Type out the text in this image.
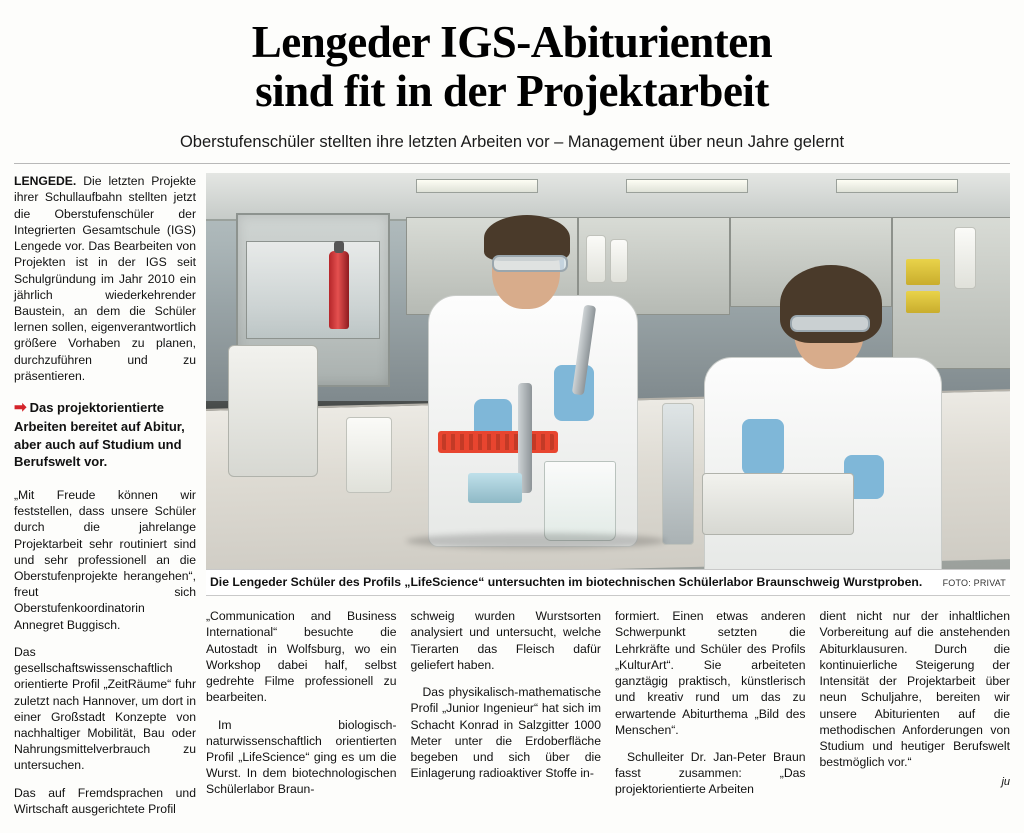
Lengeder IGS-Abiturienten
sind fit in der Projektarbeit
Oberstufenschüler stellten ihre letzten Arbeiten vor – Management über neun Jahre gelernt

LENGEDE. Die letzten Projekte ihrer Schullaufbahn stellten jetzt die Oberstufenschüler der Integrierten Gesamtschule (IGS) Lengede vor. Das Bearbeiten von Projekten ist in der IGS seit Schulgründung im Jahr 2010 ein jährlich wiederkehrender Baustein, an dem die Schüler lernen sollen, eigenverantwortlich größere Vorhaben zu planen, durchzuführen und zu präsentieren.

➡ Das projektorientierte Arbeiten bereitet auf Abitur, aber auch auf Studium und Berufswelt vor.

„Mit Freude können wir feststellen, dass unsere Schüler durch die jahrelange Projektarbeit sehr routiniert sind und sehr professionell an die Oberstufenprojekte herangehen“, freut sich Oberstufenkoordinatorin Annegret Buggisch.

Das gesellschaftswissenschaftlich orientierte Profil „ZeitRäume“ fuhr zuletzt nach Hannover, um dort in einer Großstadt Konzepte von nachhaltiger Mobilität, Bau oder Nahrungsmittelverbrauch zu untersuchen.

Das auf Fremdsprachen und Wirtschaft ausgerichtete Profil

Die Lengeder Schüler des Profils „LifeScience“ untersuchten im biotechnischen Schülerlabor Braunschweig Wurstproben.	FOTO: PRIVAT

„Communication and Business International“ besuchte die Autostadt in Wolfsburg, wo ein Workshop dabei half, selbst gedrehte Filme professionell zu bearbeiten.

Im biologisch-naturwissenschaftlich orientierten Profil „LifeScience“ ging es um die Wurst. In dem biotechnologischen Schülerlabor Braun-

schweig wurden Wurstsorten analysiert und untersucht, welche Tierarten das Fleisch dafür geliefert haben.

Das physikalisch-mathematische Profil „Junior Ingenieur“ hat sich im Schacht Konrad in Salzgitter 1000 Meter unter die Erdoberfläche begeben und sich über die Einlagerung radioaktiver Stoffe in-

formiert. Einen etwas anderen Schwerpunkt setzten die Lehrkräfte und Schüler des Profils „KulturArt“. Sie arbeiteten ganztägig praktisch, künstlerisch und kreativ rund um das zu erwartende Abiturthema „Bild des Menschen“.

Schulleiter Dr. Jan-Peter Braun fasst zusammen: „Das projektorientierte Arbeiten

dient nicht nur der inhaltlichen Vorbereitung auf die anstehenden Abiturklausuren. Durch die kontinuierliche Steigerung der Intensität der Projektarbeit über neun Schuljahre, bereiten wir unsere Abiturienten auf die methodischen Anforderungen von Studium und heutiger Berufswelt bestmöglich vor.“

ju
